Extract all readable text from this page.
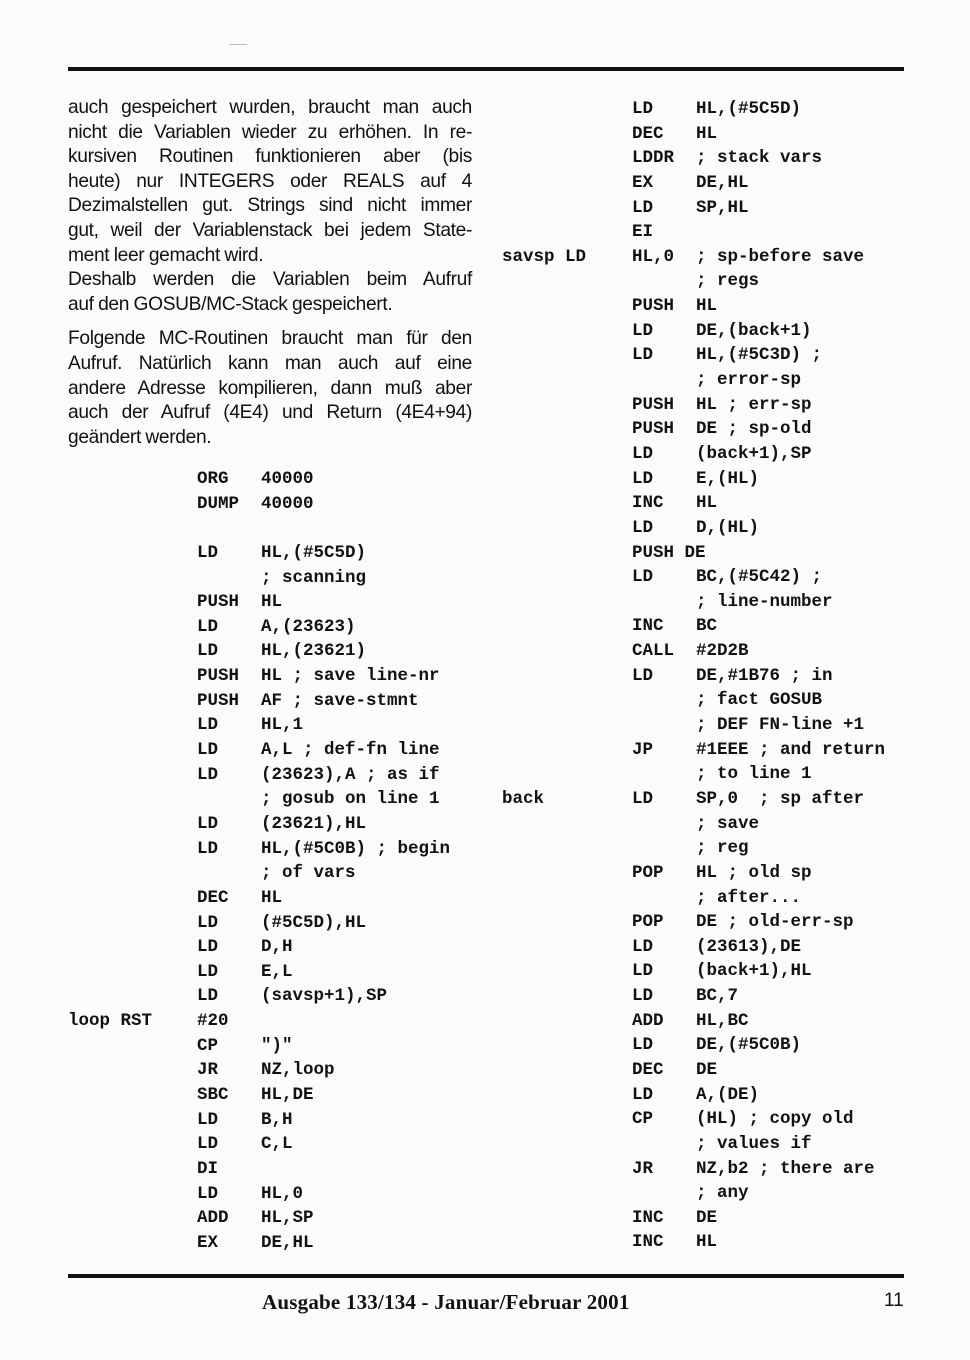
auch gespeichert wurden, braucht man auch
nicht die Variablen wieder zu erhöhen. In re-
kursiven Routinen funktionieren aber (bis
heute) nur INTEGERS oder REALS auf 4
Dezimalstellen gut. Strings sind nicht immer
gut, weil der Variablenstack bei jedem State-
ment leer gemacht wird.
Deshalb werden die Variablen beim Aufruf
auf den GOSUB/MC-Stack gespeichert.
Folgende MC-Routinen braucht man für den
Aufruf. Natürlich kann man auch auf eine
andere Adresse kompilieren, dann muß aber
auch der Aufruf (4E4) und Return (4E4+94)
geändert werden.
ORG 40000
DUMP 40000
LD HL,(#5C5D)
; scanning
PUSH HL
LD A,(23623)
LD HL,(23621)
PUSH HL ; save line-nr
PUSH AF ; save-stmnt
LD HL,1
LD A,L ; def-fn line
LD (23623),A ; as if
; gosub on line 1
LD (23621),HL
LD HL,(#5C0B) ; begin
; of vars
DEC HL
LD (#5C5D),HL
LD D,H
LD E,L
LD (savsp+1),SP
loop RST	#20
CP ")"
JR NZ,loop
SBC HL,DE
LD B,H
LD C,L
DI
LD HL,0
ADD HL,SP
EX DE,HL
LD HL,(#5C5D)
DEC HL
LDDR ; stack vars
EX DE,HL
LD SP,HL
EI
savsp LD	HL,0 ; sp-before save
; regs
PUSH HL
LD DE,(back+1)
LD HL,(#5C3D) ;
; error-sp
PUSH HL ; err-sp
PUSH DE ; sp-old
LD (back+1),SP
LD E,(HL)
INC HL
LD D,(HL)
PUSH DE
LD BC,(#5C42) ;
; line-number
INC BC
CALL #2D2B
LD DE,#1B76 ; in
; fact GOSUB
; DEF FN-line +1
JP #1EEE ; and return
; to line 1
back	LD SP,0  ; sp after
; save
; reg
POP HL ; old sp
; after...
POP DE ; old-err-sp
LD (23613),DE
LD (back+1),HL
LD BC,7
ADD HL,BC
LD DE,(#5C0B)
DEC DE
LD A,(DE)
CP (HL) ; copy old
; values if
JR NZ,b2 ; there are
; any
INC DE
INC HL
Ausgabe 133/134 - Januar/Februar 2001	11
